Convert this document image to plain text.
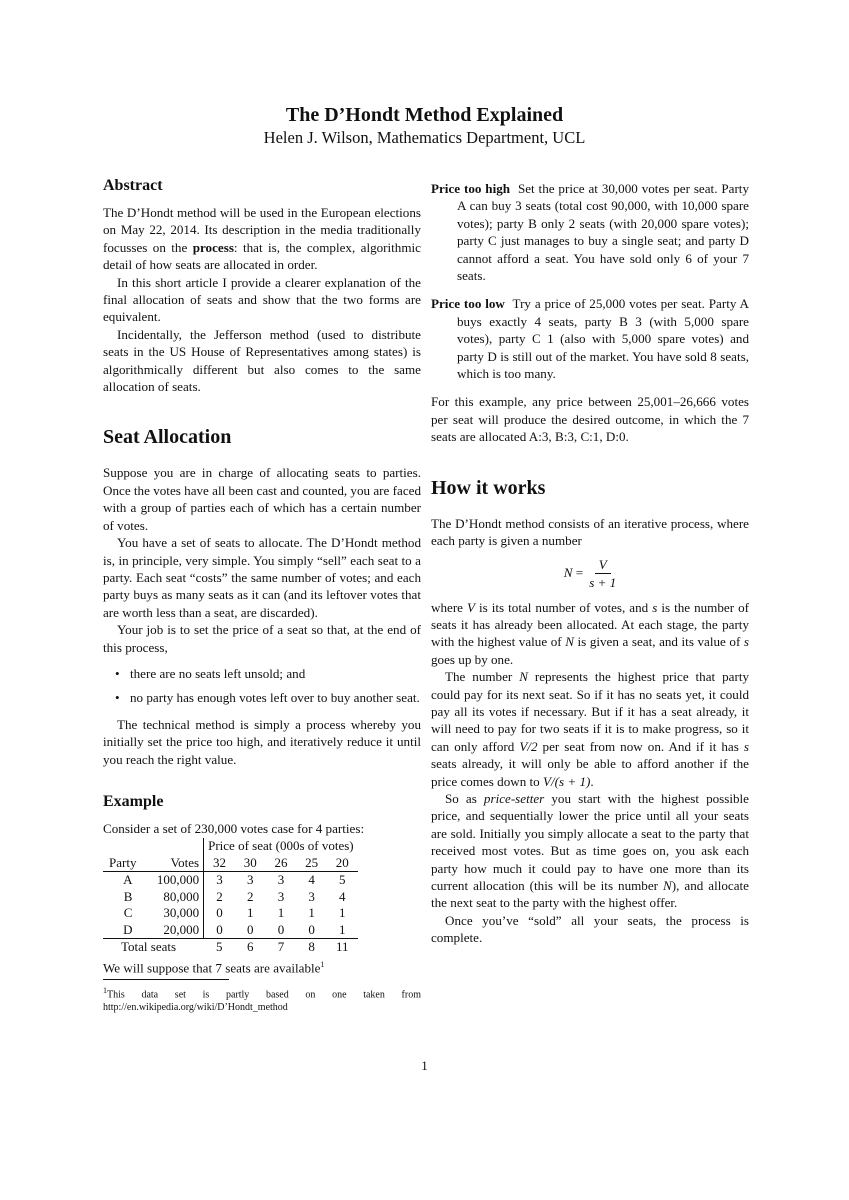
The D’Hondt Method Explained
Helen J. Wilson, Mathematics Department, UCL
Abstract

The D’Hondt method will be used in the European elections on May 22, 2014. Its description in the media traditionally focusses on the process: that is, the complex, algorithmic detail of how seats are allocated in order.

In this short article I provide a clearer explanation of the final allocation of seats and show that the two forms are equivalent.

Incidentally, the Jefferson method (used to distribute seats in the US House of Representatives among states) is algorithmically different but also comes to the same allocation of seats.

Seat Allocation

Suppose you are in charge of allocating seats to parties. Once the votes have all been cast and counted, you are faced with a group of parties each of which has a certain number of votes.

You have a set of seats to allocate. The D’Hondt method is, in principle, very simple. You simply “sell” each seat to a party. Each seat “costs” the same number of votes; and each party buys as many seats as it can (and its leftover votes that are worth less than a seat, are discarded).

Your job is to set the price of a seat so that, at the end of this process,

• there are no seats left unsold; and
• no party has enough votes left over to buy another seat.

The technical method is simply a process whereby you initially set the price too high, and iteratively reduce it until you reach the right value.

Example

Consider a set of 230,000 votes case for 4 parties:

		Price of seat (000s of votes)				
Party	Votes	32	30	26	25	20
A	100,000	3	3	3	4	5
B	80,000	2	2	3	3	4
C	30,000	0	1	1	1	1
D	20,000	0	0	0	0	1
Total seats		5	6	7	8	11

We will suppose that 7 seats are available$^1$

$^1$This data set is partly based on one taken from http://en.wikipedia.org/wiki/D’Hondt_method

Price too high Set the price at 30,000 votes per seat. Party A can buy 3 seats (total cost 90,000, with 10,000 spare votes); party B only 2 seats (with 20,000 spare votes); party C just manages to buy a single seat; and party D cannot afford a seat. You have sold only 6 of your 7 seats.

Price too low Try a price of 25,000 votes per seat. Party A buys exactly 4 seats, party B 3 (with 5,000 spare votes), party C 1 (also with 5,000 spare votes) and party D is still out of the market. You have sold 8 seats, which is too many.

For this example, any price between 25,001–26,666 votes per seat will produce the desired outcome, in which the 7 seats are allocated A:3, B:3, C:1, D:0.

How it works

The D’Hondt method consists of an iterative process, where each party is given a number

N
= $\frac{V}{s + 1}$

where V is its total number of votes, and s is the number of seats it has already been allocated. At each stage, the party with the highest value of N is given a seat, and its value of s goes up by one.

The number N represents the highest price that party could pay for its next seat. So if it has no seats yet, it could pay all its votes if necessary. But if it has a seat already, it will need to pay for two seats if it is to make progress, so it can only afford V/2 per seat from now on. And if it has s seats already, it will only be able to afford another if the price comes down to V/(s + 1).

So as price-setter you start with the highest possible price, and sequentially lower the price until all your seats are sold. Initially you simply allocate a seat to the party that received most votes. But as time goes on, you ask each party how much it could pay to have one more than its current allocation (this will be its number N), and allocate the next seat to the party with the highest offer.

Once you’ve “sold” all your seats, the process is complete.

1
